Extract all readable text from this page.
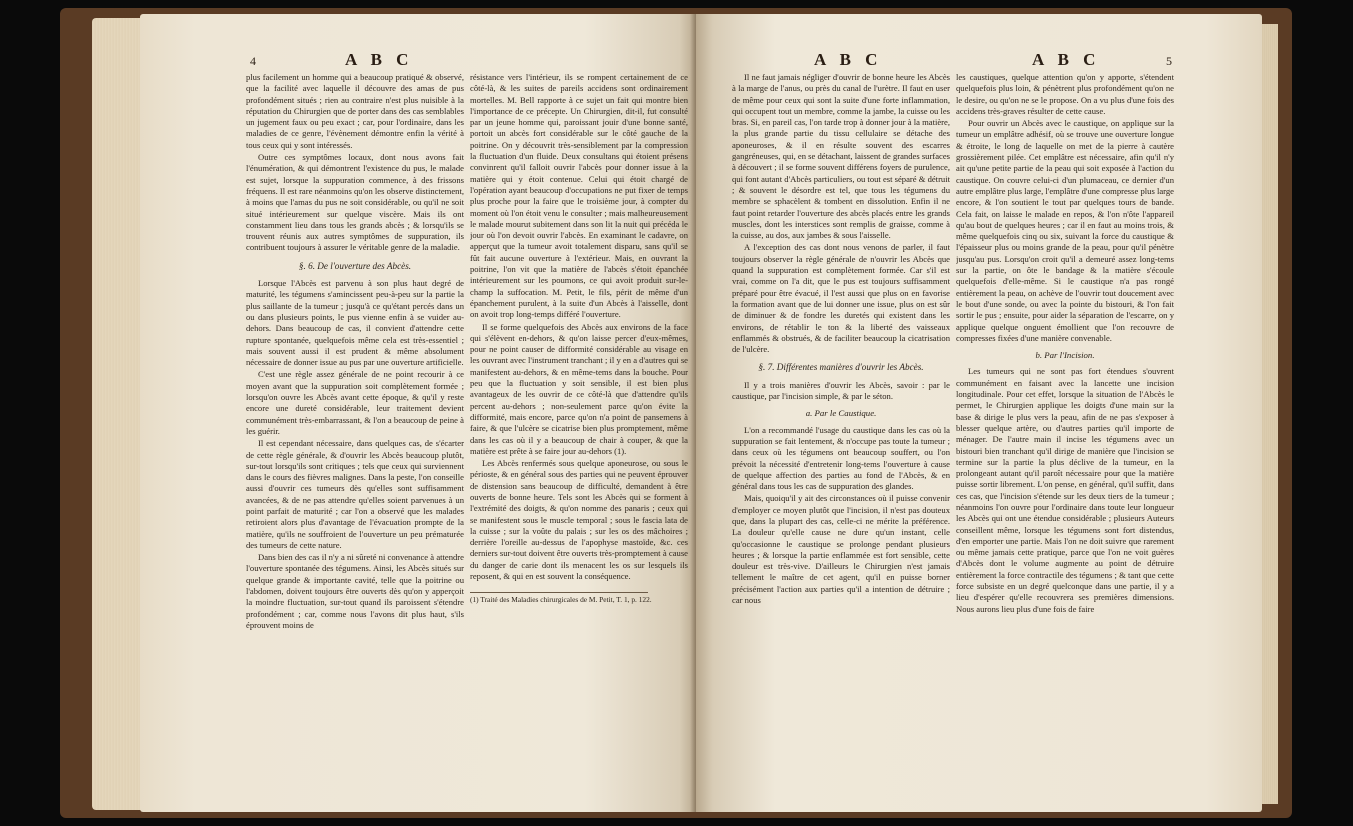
4	A B C

plus facilement un homme qui a beaucoup pratiqué & observé, que la facilité avec laquelle il découvre des amas de pus profondément situés ; rien au contraire n'est plus nuisible à la réputation du Chirurgien que de porter dans des cas semblables un jugement faux ou peu exact ; car, pour l'ordinaire, dans les maladies de ce genre, l'évènement démontre enfin la vérité à tous ceux qui y sont intéressés.

Outre ces symptômes locaux, dont nous avons fait l'énumération, & qui démontrent l'existence du pus, le malade est sujet, lorsque la suppuration commence, à des frissons fréquens. Il est rare néanmoins qu'on les observe distinctement, à moins que l'amas du pus ne soit considérable, ou qu'il ne soit situé intérieurement sur quelque viscère. Mais ils ont constamment lieu dans tous les grands abcès ; & lorsqu'ils se trouvent réunis aux autres symptômes de suppuration, ils contribuent toujours à assurer le véritable genre de la maladie.

§. 6. De l'ouverture des Abcès.

Lorsque l'Abcès est parvenu à son plus haut degré de maturité, les tégumens s'amincissent peu-à-peu sur la partie la plus saillante de la tumeur ; jusqu'à ce qu'étant percés dans un ou dans plusieurs points, le pus vienne enfin à se vuider au-dehors. Dans beaucoup de cas, il convient d'attendre cette rupture spontanée, quelquefois même cela est très-essentiel ; mais souvent aussi il est prudent & même absolument nécessaire de donner issue au pus par une ouverture artificielle.

C'est une règle assez générale de ne point recourir à ce moyen avant que la suppuration soit complètement formée ; lorsqu'on ouvre les Abcès avant cette époque, & qu'il y reste encore une dureté considérable, leur traitement devient communément très-embarrassant, & l'on a beaucoup de peine à les guérir.

Il est cependant nécessaire, dans quelques cas, de s'écarter de cette règle générale, & d'ouvrir les Abcès beaucoup plutôt, sur-tout lorsqu'ils sont critiques ; tels que ceux qui surviennent dans le cours des fièvres malignes. Dans la peste, l'on conseille aussi d'ouvrir ces tumeurs dès qu'elles sont suffisamment avancées, & de ne pas attendre qu'elles soient parvenues à un point parfait de maturité ; car l'on a observé que les malades retiroient alors plus d'avantage de l'évacuation prompte de la matière, qu'ils ne souffroient de l'ouverture un peu prématurée des tumeurs de cette nature.

Dans bien des cas il n'y a ni sûreté ni convenance à attendre l'ouverture spontanée des tégumens. Ainsi, les Abcès situés sur quelque grande & importante cavité, telle que la poitrine ou l'abdomen, doivent toujours être ouverts dès qu'on y apperçoit la moindre fluctuation, sur-tout quand ils paroissent s'étendre profondément ; car, comme nous l'avons dit plus haut, s'ils éprouvent moins de

résistance vers l'intérieur, ils se rompent certainement de ce côté-là, & les suites de pareils accidens sont ordinairement mortelles. M. Bell rapporte à ce sujet un fait qui montre bien l'importance de ce précepte. Un Chirurgien, dit-il, fut consulté par un jeune homme qui, paroissant jouir d'une bonne santé, portoit un abcès fort considérable sur le côté gauche de la poitrine. On y découvrit très-sensiblement par la compression la fluctuation d'un fluide. Deux consultans qui étoient présens convinrent qu'il falloit ouvrir l'abcès pour donner issue à la matière qui y étoit contenue. Celui qui étoit chargé de l'opération ayant beaucoup d'occupations ne put fixer de temps plus proche pour la faire que le troisième jour, à compter du moment où l'on étoit venu le consulter ; mais malheureusement le malade mourut subitement dans son lit la nuit qui précéda le jour où l'on devoit ouvrir l'abcès. En examinant le cadavre, on apperçut que la tumeur avoit totalement disparu, sans qu'il se fût fait aucune ouverture à l'extérieur. Mais, en ouvrant la poitrine, l'on vit que la matière de l'abcès s'étoit épanchée intérieurement sur les poumons, ce qui avoit produit sur-le-champ la suffocation. M. Petit, le fils, périt de même d'un épanchement purulent, à la suite d'un Abcès à l'aisselle, dont on avoit trop long-temps différé l'ouverture.

Il se forme quelquefois des Abcès aux environs de la face qui s'élèvent en-dehors, & qu'on laisse percer d'eux-mêmes, pour ne point causer de difformité considérable au visage en les ouvrant avec l'instrument tranchant ; il y en a d'autres qui se manifestent au-dehors, & en même-tems dans la bouche. Pour peu que la fluctuation y soit sensible, il est bien plus avantageux de les ouvrir de ce côté-là que d'attendre qu'ils percent au-dehors ; non-seulement parce qu'on évite la difformité, mais encore, parce qu'on n'a point de pansemens à faire, & que l'ulcère se cicatrise bien plus promptement, même dans les cas où il y a beaucoup de chair à couper, & que la matière est prête à se faire jour au-dehors (1).

Les Abcès renfermés sous quelque aponeurose, ou sous le périoste, & en général sous des parties qui ne peuvent éprouver de distension sans beaucoup de difficulté, demandent à être ouverts de bonne heure. Tels sont les Abcès qui se forment à l'extrémité des doigts, & qu'on nomme des panaris ; ceux qui se manifestent sous le muscle temporal ; sous le fascia lata de la cuisse ; sur la voûte du palais ; sur les os des mâchoires ; derrière l'oreille au-dessus de l'apophyse mastoïde, &c. ces derniers sur-tout doivent être ouverts très-promptement à cause du danger de carie dont ils menacent les os sur lesquels ils reposent, & qui en est souvent la conséquence.

(1) Traité des Maladies chirurgicales de M. Petit, T. 1, p. 122.

A B C	A B C	5

Il ne faut jamais négliger d'ouvrir de bonne heure les Abcès à la marge de l'anus, ou près du canal de l'urètre. Il faut en user de même pour ceux qui sont la suite d'une forte inflammation, qui occupent tout un membre, comme la jambe, la cuisse ou les bras. Si, en pareil cas, l'on tarde trop à donner jour à la matière, la plus grande partie du tissu cellulaire se détache des aponeuroses, & il en résulte souvent des escarres gangréneuses, qui, en se détachant, laissent de grandes surfaces à découvert ; il se forme souvent différens foyers de purulence, qui font autant d'Abcès particuliers, ou tout est séparé & détruit ; & souvent le désordre est tel, que tous les tégumens du membre se sphacèlent & tombent en dissolution. Enfin il ne faut point retarder l'ouverture des abcès placés entre les grands muscles, dont les interstices sont remplis de graisse, comme à la cuisse, au dos, aux jambes & sous l'aisselle.

A l'exception des cas dont nous venons de parler, il faut toujours observer la règle générale de n'ouvrir les Abcès que quand la suppuration est complètement formée. Car s'il est vrai, comme on l'a dit, que le pus est toujours suffisamment préparé pour être évacué, il l'est aussi que plus on en favorise la formation avant que de lui donner une issue, plus on est sûr de diminuer & de fondre les duretés qui existent dans les environs, de rétablir le ton & la liberté des vaisseaux enflammés & obstrués, & de faciliter beaucoup la cicatrisation de l'ulcère.

§. 7. Différentes manières d'ouvrir les Abcès.

Il y a trois manières d'ouvrir les Abcès, savoir : par le caustique, par l'incision simple, & par le séton.

a. Par le Caustique.

L'on a recommandé l'usage du caustique dans les cas où la suppuration se fait lentement, & n'occupe pas toute la tumeur ; dans ceux où les tégumens ont beaucoup souffert, ou l'on prévoit la nécessité d'entretenir long-tems l'ouverture à cause de quelque affection des parties au fond de l'Abcès, & en général dans tous les cas de suppuration des glandes.

Mais, quoiqu'il y ait des circonstances où il puisse convenir d'employer ce moyen plutôt que l'incision, il n'est pas douteux que, dans la plupart des cas, celle-ci ne mérite la préférence. La douleur qu'elle cause ne dure qu'un instant, celle qu'occasionne le caustique se prolonge pendant plusieurs heures ; & lorsque la partie enflammée est fort sensible, cette douleur est très-vive. D'ailleurs le Chirurgien n'est jamais tellement le maître de cet agent, qu'il en puisse borner précisément l'action aux parties qu'il a intention de détruire ; car nous

les caustiques, quelque attention qu'on y apporte, s'étendent quelquefois plus loin, & pénètrent plus profondément qu'on ne le desire, ou qu'on ne se le propose. On a vu plus d'une fois des accidens très-graves résulter de cette cause.

Pour ouvrir un Abcès avec le caustique, on applique sur la tumeur un emplâtre adhésif, où se trouve une ouverture longue & étroite, le long de laquelle on met de la pierre à cautère grossièrement pilée. Cet emplâtre est nécessaire, afin qu'il n'y ait qu'une petite partie de la peau qui soit exposée à l'action du caustique. On couvre celui-ci d'un plumaceau, ce dernier d'un autre emplâtre plus large, l'emplâtre d'une compresse plus large encore, & l'on soutient le tout par quelques tours de bande. Cela fait, on laisse le malade en repos, & l'on n'ôte l'appareil qu'au bout de quelques heures ; car il en faut au moins trois, & même quelquefois cinq ou six, suivant la force du caustique & l'épaisseur plus ou moins grande de la peau, pour qu'il pénètre jusqu'au pus. Lorsqu'on croit qu'il a demeuré assez long-tems sur la partie, on ôte le bandage & la matière s'écoule quelquefois d'elle-même. Si le caustique n'a pas rongé entièrement la peau, on achève de l'ouvrir tout doucement avec le bout d'une sonde, ou avec la pointe du bistouri, & l'on fait sortir le pus ; ensuite, pour aider la séparation de l'escarre, on y applique quelque onguent émollient que l'on recouvre de compresses fixées d'une manière convenable.

b. Par l'Incision.

Les tumeurs qui ne sont pas fort étendues s'ouvrent communément en faisant avec la lancette une incision longitudinale. Pour cet effet, lorsque la situation de l'Abcès le permet, le Chirurgien applique les doigts d'une main sur la base & dirige le plus vers la peau, afin de ne pas s'exposer à blesser quelque artère, ou d'autres parties qu'il importe de ménager. De l'autre main il incise les tégumens avec un bistouri bien tranchant qu'il dirige de manière que l'incision se termine sur la partie la plus déclive de la tumeur, en la prolongeant autant qu'il paroît nécessaire pour que la matière puisse sortir librement. L'on pense, en général, qu'il suffit, dans ces cas, que l'incision s'étende sur les deux tiers de la tumeur ; néanmoins l'on ouvre pour l'ordinaire dans toute leur longueur les Abcès qui ont une étendue considérable ; plusieurs Auteurs conseillent même, lorsque les tégumens sont fort distendus, d'en emporter une partie. Mais l'on ne doit suivre que rarement ou même jamais cette pratique, parce que l'on ne voit guères d'Abcès dont le volume augmente au point de détruire entièrement la force contractile des tégumens ; & tant que cette force subsiste en un degré quelconque dans une partie, il y a lieu d'espérer qu'elle recouvrera ses premières dimensions. Nous aurons lieu plus d'une fois de faire
